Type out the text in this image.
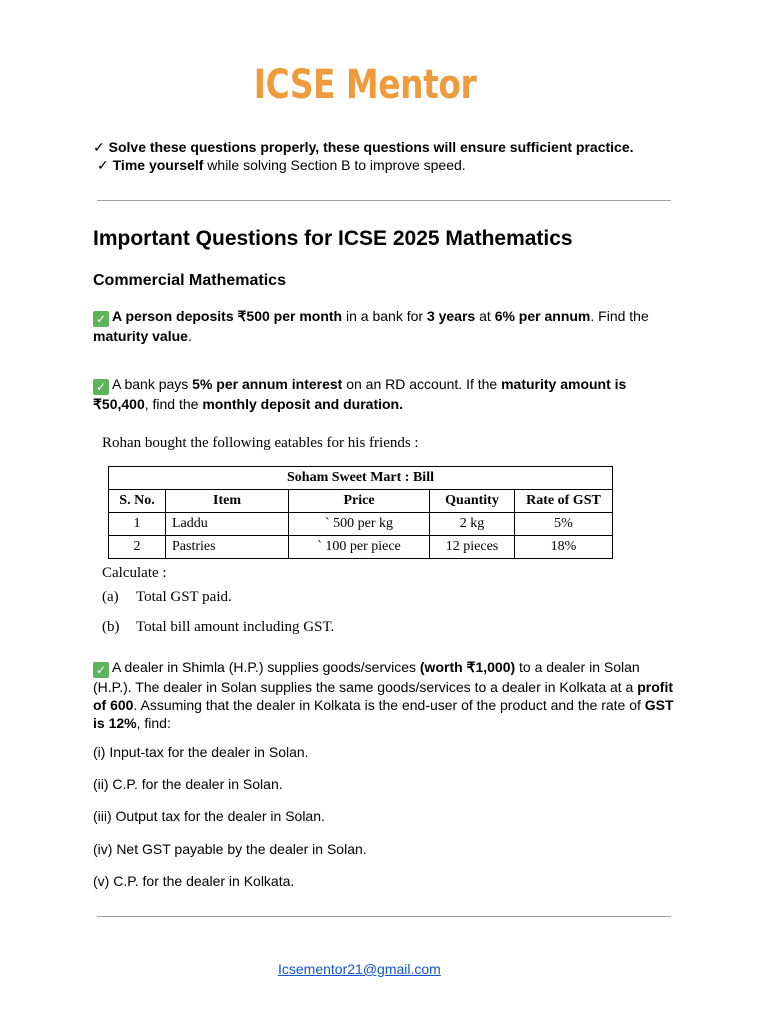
ICSE Mentor
✓ Solve these questions properly, these questions will ensure sufficient practice.
✓ Time yourself while solving Section B to improve speed.
Important Questions for ICSE 2025 Mathematics
Commercial Mathematics
✓ A person deposits ₹500 per month in a bank for 3 years at 6% per annum. Find the maturity value.
✓ A bank pays 5% per annum interest on an RD account. If the maturity amount is ₹50,400, find the monthly deposit and duration.
Rohan bought the following eatables for his friends :
Soham Sweet Mart : Bill				
S. No.	Item	Price	Quantity	Rate of GST
1	Laddu	` 500 per kg	2 kg	5%
2	Pastries	` 100 per piece	12 pieces	18%
Calculate :
(a) Total GST paid.
(b) Total bill amount including GST.
✓ A dealer in Shimla (H.P.) supplies goods/services (worth ₹1,000) to a dealer in Solan (H.P.). The dealer in Solan supplies the same goods/services to a dealer in Kolkata at a profit of 600. Assuming that the dealer in Kolkata is the end-user of the product and the rate of GST is 12%, find:
(i) Input-tax for the dealer in Solan.
(ii) C.P. for the dealer in Solan.
(iii) Output tax for the dealer in Solan.
(iv) Net GST payable by the dealer in Solan.
(v) C.P. for the dealer in Kolkata.
Icsementor21@gmail.com
